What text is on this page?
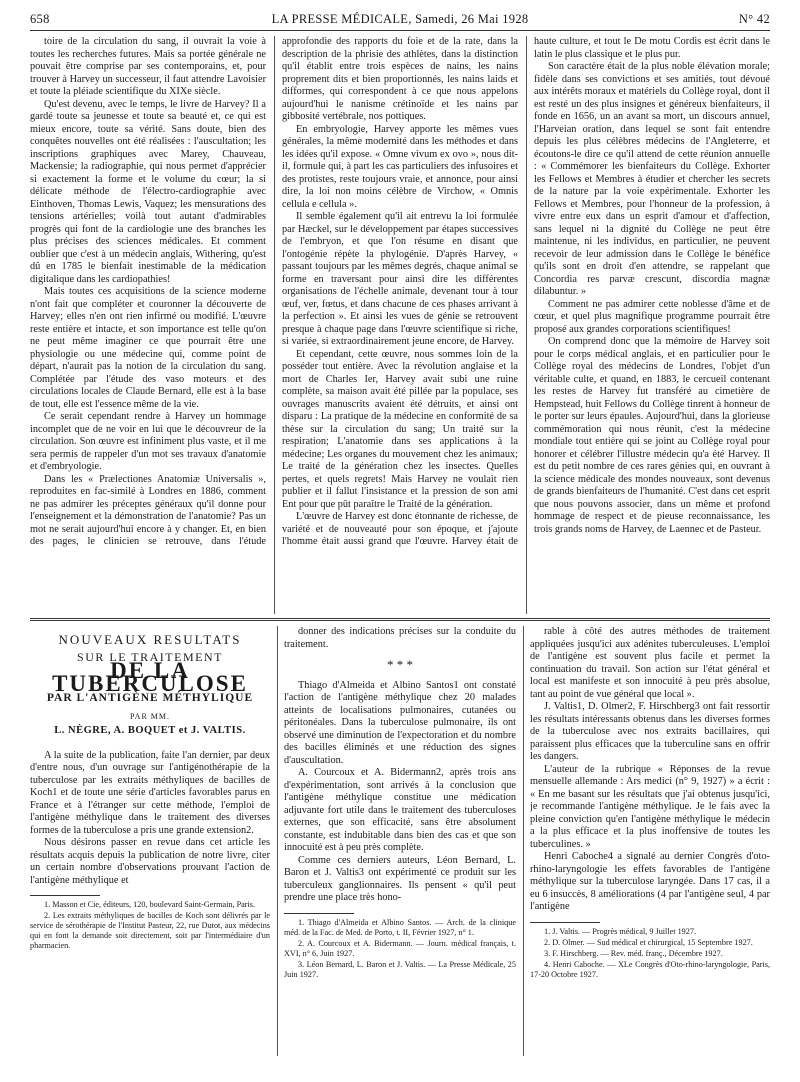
658	LA PRESSE MÉDICALE, Samedi, 26 Mai 1928	N° 42

toire de la circulation du sang, il ouvrait la voie à toutes les recherches futures. Mais sa portée générale ne pouvait être comprise par ses contemporains, et, pour trouver à Harvey un successeur, il faut attendre Lavoisier et toute la pléiade scientifique du XIXe siècle.

Qu'est devenu, avec le temps, le livre de Harvey? Il a gardé toute sa jeunesse et toute sa beauté et, ce qui est mieux encore, toute sa vérité. Sans doute, bien des conquêtes nouvelles ont été réalisées : l'auscultation; les inscriptions graphiques avec Marey, Chauveau, Mackensie; la radiographie, qui nous permet d'apprécier si exactement la forme et le volume du cœur; la si délicate méthode de l'électro-cardiographie avec Einthoven, Thomas Lewis, Vaquez; les mensurations des tensions artérielles; voilà tout autant d'admirables progrès qui font de la cardiologie une des branches les plus précises des sciences médicales. Et comment oublier que c'est à un médecin anglais, Withering, qu'est dû en 1785 le bienfait inestimable de la médication digitalique dans les cardiopathies!

Mais toutes ces acquisitions de la science moderne n'ont fait que compléter et couronner la découverte de Harvey; elles n'en ont rien infirmé ou modifié. L'œuvre reste entière et intacte, et son importance est telle qu'on ne peut même imaginer ce que pourrait être une physiologie ou une médecine qui, comme point de départ, n'aurait pas la notion de la circulation du sang. Complétée par l'étude des vaso moteurs et des circulations locales de Claude Bernard, elle est à la base de tout, elle est l'essence même de la vie.

Ce serait cependant rendre à Harvey un hommage incomplet que de ne voir en lui que le découvreur de la circulation. Son œuvre est infiniment plus vaste, et il me sera permis de rappeler d'un mot ses travaux d'anatomie et d'embryologie.

Dans les « Prælectiones Anatomiæ Universalis », reproduites en fac-similé à Londres en 1886, comment ne pas admirer les préceptes généraux qu'il donne pour l'enseignement et la démonstration de l'anatomie? Pas un mot ne serait aujourd'hui encore à y changer. Et, en bien des pages, le clinicien se retrouve, dans l'étude approfondie des rapports du foie et de la rate, dans la description de la phrisie des athlètes, dans la distinction qu'il établit entre trois espèces de nains, les nains proprement dits et bien proportionnés, les nains laids et difformes, qui correspondent à ce que nous appelons aujourd'hui le nanisme crétinoïde et les nains par gibbosité vertébrale, nos pottiques.

En embryologie, Harvey apporte les mêmes vues générales, la même modernité dans les méthodes et dans les idées qu'il expose. « Omne vivum ex ovo », nous dit-il, formule qui, à part les cas particuliers des infusoires et des protistes, reste toujours vraie, et annonce, pour ainsi dire, la loi non moins célèbre de Virchow, « Omnis cellula e cellula ».

Il semble également qu'il ait entrevu la loi formulée par Hæckel, sur le développement par étapes successives de l'embryon, et que l'on résume en disant que l'ontogénie répète la phylogénie. D'après Harvey, « passant toujours par les mêmes degrés, chaque animal se forme en traversant pour ainsi dire les différentes organisations de l'échelle animale, devenant tour à tour œuf, ver, fœtus, et dans chacune de ces phases arrivant à la perfection ». Et ainsi les vues de génie se retrouvent presque à chaque page dans l'œuvre scientifique si riche, si variée, si extraordinairement jeune encore, de Harvey.

Et cependant, cette œuvre, nous sommes loin de la posséder tout entière. Avec la révolution anglaise et la mort de Charles Ier, Harvey avait subi une ruine complète, sa maison avait été pillée par la populace, ses ouvrages manuscrits avaient été détruits, et ainsi ont disparu : La pratique de la médecine en conformité de sa thèse sur la circulation du sang; Un traité sur la respiration; L'anatomie dans ses applications à la médecine; Les organes du mouvement chez les animaux; Le traité de la génération chez les insectes. Quelles pertes, et quels regrets! Mais Harvey ne voulait rien publier et il fallut l'insistance et la pression de son ami Ent pour que pût paraître le Traité de la génération.

L'œuvre de Harvey est donc étonnante de richesse, de variété et de nouveauté pour son époque, et j'ajoute l'homme était aussi grand que l'œuvre. Harvey était de haute culture, et tout le De motu Cordis est écrit dans le latin le plus classique et le plus pur.

Son caractère était de la plus noble élévation morale; fidèle dans ses convictions et ses amitiés, tout dévoué aux intérêts moraux et matériels du Collège royal, dont il est resté un des plus insignes et généreux bienfaiteurs, il fonde en 1656, un an avant sa mort, un discours annuel, l'Harveian oration, dans lequel se sont fait entendre depuis les plus célèbres médecins de l'Angleterre, et écoutons-le dire ce qu'il attend de cette réunion annuelle : « Commémorer les bienfaiteurs du Collège. Exhorter les Fellows et Membres à étudier et chercher les secrets de la nature par la voie expérimentale. Exhorter les Fellows et Membres, pour l'honneur de la profession, à vivre entre eux dans un esprit d'amour et d'affection, sans lequel ni la dignité du Collège ne peut être maintenue, ni les individus, en particulier, ne peuvent recevoir de leur admission dans le Collège le bénéfice qu'ils sont en droit d'en attendre, se rappelant que Concordia res parvæ crescunt, discordia magnæ dilabuntur. »

Comment ne pas admirer cette noblesse d'âme et de cœur, et quel plus magnifique programme pourrait être proposé aux grandes corporations scientifiques!

On comprend donc que la mémoire de Harvey soit pour le corps médical anglais, et en particulier pour le Collège royal des médecins de Londres, l'objet d'un véritable culte, et quand, en 1883, le cercueil contenant les restes de Harvey fut transféré au cimetière de Hempstead, huit Fellows du Collège tinrent à honneur de le porter sur leurs épaules. Aujourd'hui, dans la glorieuse commémoration qui nous réunit, c'est la médecine mondiale tout entière qui se joint au Collège royal pour honorer et célébrer l'illustre médecin qu'a été Harvey. Il est du petit nombre de ces rares génies qui, en ouvrant à la science médicale des mondes nouveaux, sont devenus de grands bienfaiteurs de l'humanité. C'est dans cet esprit que nous pouvons associer, dans un même et profond hommage de respect et de pieuse reconnaissance, les trois grands noms de Harvey, de Laennec et de Pasteur.

NOUVEAUX RESULTATS
SUR LE TRAITEMENT
DE LA TUBERCULOSE
PAR L'ANTIGÈNE MÉTHYLIQUE
PAR MM.
L. NÈGRE, A. BOQUET et J. VALTIS.

A la suite de la publication, faite l'an dernier, par deux d'entre nous, d'un ouvrage sur l'antigénothérapie de la tuberculose par les extraits méthyliques de bacilles de Koch1 et de toute une série d'articles favorables parus en France et à l'étranger sur cette méthode, l'emploi de l'antigène méthylique dans le traitement des diverses formes de la tuberculose a pris une grande extension2.

Nous désirons passer en revue dans cet article les résultats acquis depuis la publication de notre livre, citer un certain nombre d'observations prouvant l'action de l'antigène méthylique et

1. Masson et Cie, éditeurs, 120, boulevard Saint-Germain, Paris.

2. Les extraits méthyliques de bacilles de Koch sont délivrés par le service de sérothérapie de l'Institut Pasteur, 22, rue Dutot, aux médecins qui en font la demande soit directement, soit par l'intermédiaire d'un pharmacien.

donner des indications précises sur la conduite du traitement.

* * *

Thiago d'Almeida et Albino Santos1 ont constaté l'action de l'antigène méthylique chez 20 malades atteints de localisations pulmonaires, cutanées ou péritonéales. Dans la tuberculose pulmonaire, ils ont observé une diminution de l'expectoration et du nombre des bacilles éliminés et une réduction des signes d'auscultation.

A. Courcoux et A. Bidermann2, après trois ans d'expérimentation, sont arrivés à la conclusion que l'antigène méthylique constitue une médication adjuvante fort utile dans le traitement des tuberculoses externes, que son efficacité, sans être absolument constante, est indubitable dans bien des cas et que son innocuité est à peu près complète.

Comme ces derniers auteurs, Léon Bernard, L. Baron et J. Valtis3 ont expérimenté ce produit sur les tuberculeux ganglionnaires. Ils pensent « qu'il peut prendre une place très hono-

1. Thiago d'Almeida et Albino Santos. — Arch. de la clinique méd. de la Fac. de Med. de Porto, t. II, Février 1927, n° 1.

2. A. Courcoux et A. Bidermann. — Journ. médical français, t. XVI, n° 6, Juin 1927.

3. Léon Bernard, L. Baron et J. Valtis. — La Presse Médicale, 25 Juin 1927.

rable à côté des autres méthodes de traitement appliquées jusqu'ici aux adénites tuberculeuses. L'emploi de l'antigène est souvent plus facile et permet la continuation du travail. Son action sur l'état général et local est manifeste et son innocuité à peu près absolue, tant au point de vue général que local ».

J. Valtis1, D. Olmer2, F. Hirschberg3 ont fait ressortir les résultats intéressants obtenus dans les diverses formes de la tuberculose avec nos extraits bacillaires, qui paraissent plus efficaces que la tuberculine sans en offrir les dangers.

L'auteur de la rubrique « Réponses de la revue mensuelle allemande : Ars medici (n° 9, 1927) » a écrit : « En me basant sur les résultats que j'ai obtenus jusqu'ici, je recommande l'antigène méthylique. Je le fais avec la pleine conviction qu'en l'antigène méthylique le médecin a la plus efficace et la plus inoffensive de toutes les tuberculines. »

Henri Caboche4 a signalé au dernier Congrès d'oto-rhino-laryngologie les effets favorables de l'antigène méthylique sur la tuberculose laryngée. Dans 17 cas, il a eu 6 insuccès, 8 améliorations (4 par l'antigène seul, 4 par l'antigène

1. J. Valtis. — Progrès médical, 9 Juillet 1927.

2. D. Olmer. — Sud médical et chirurgical, 15 Septembre 1927.

3. F. Hirschberg. — Rev. méd. franç., Décembre 1927.

4. Henri Caboche. — XLe Congrès d'Oto-rhino-laryngologie, Paris, 17-20 Octobre 1927.
